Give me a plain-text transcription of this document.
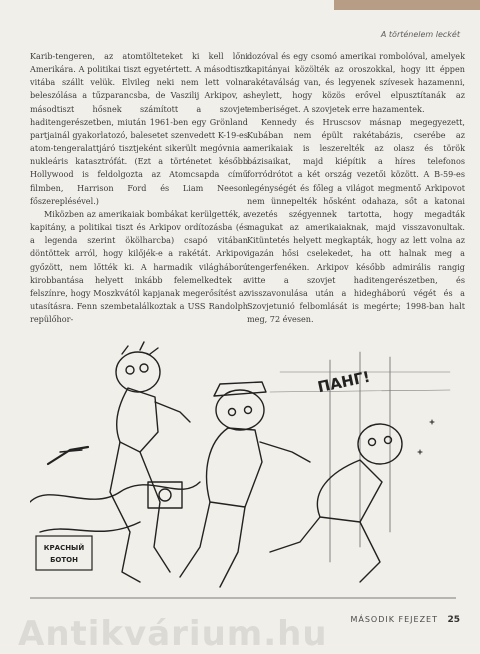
A történelem leckét

Karib-tengeren, az atomtölteteket ki kell lőni Amerikára. A politikai tiszt egyetértett. A másodtiszt vitába szállt velük. Elvileg neki nem lett volna beleszólása a tűzparancsba, de Vaszilij Arkipov, a másodtiszt hősnek számított a szovjet haditengerészetben, miután 1961-ben egy Grönland partjainál gyakorlatozó, balesetet szenvedett K-19-es atom-tengeralattjáró tisztjeként sikerült megóvnia a nukleáris katasztrófát. (Ezt a történetet később Hollywood is feldolgozta az Atomcsapda című filmben, Harrison Ford és Liam Neeson főszereplésével.)

Miközben az amerikaiak bombákat kerülgették, a kapitány, a politikai tiszt és Arkipov ordítozásba (és a legenda szerint ökölharcba) csapó vitában döntöttek arról, hogy kilőjék-e a rakétát. Arkipov győzött, nem lőtték ki. A harmadik világháború kirobbantása helyett inkább felemelkedtek a felszínre, hogy Moszkvától kapjanak megerősítést az utasításra. Fenn szembetalálkoztak a USS Randolph repülőhor-

dozóval és egy csomó amerikai rombolóval, amelyek kapitányai közölték az oroszokkal, hogy itt éppen rakétaválság van, és legyenek szívesek hazamenni, sheylett, hogy közös erővel elpusztítanák az emberiséget. A szovjetek erre hazamentek.

Kennedy és Hruscsov másnap megegyezett, Kubában nem épült rakétabázis, cserébe az amerikaiak is leszerelték az olasz és török bázisaikat, majd kiépítik a híres telefonos forródrótot a két ország vezetői között. A B-59-es legénységét és főleg a világot megmentő Arkipovot nem ünnepelték hősként odahaza, sőt a katonai vezetés szégyennek tartotta, hogy megadták magukat az amerikaiaknak, majd visszavonultak. Kitüntetés helyett megkapták, hogy az lett volna az igazán hősi cselekedet, ha ott halnak meg a tengerfenéken. Arkipov később admirális rangig vitte a szovjet haditengerészetben, és visszavonulása után a hidegháború végét és a Szovjetunió felbomlását is megérte; 1998-ban halt meg, 72 évesen.

КРАСНЫЙ
БОТОН
ПАНГ!
MÁSODIK FEJEZET 25
Antikvárium.hu
